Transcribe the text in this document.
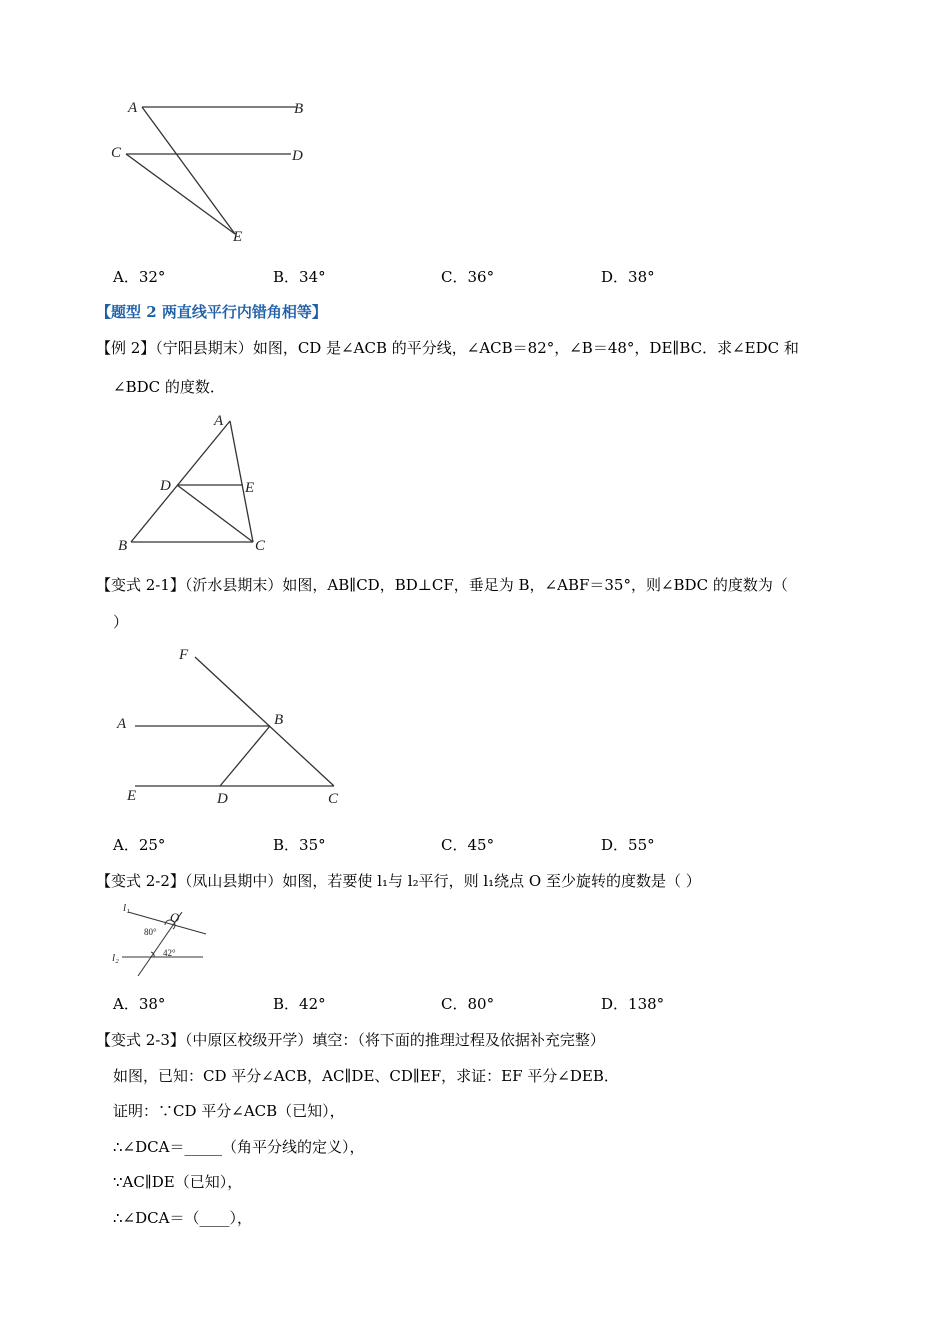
A	B
C	D
E
A．32°	B．34°	C．36°	D．38°
【题型 2 两直线平行内错角相等】
【例 2】（宁阳县期末）如图，CD 是∠ACB 的平分线，∠ACB＝82°，∠B＝48°，DE∥BC．求∠EDC 和
∠BDC 的度数．
A
D	E
B	C
【变式 2-1】（沂水县期末）如图，AB∥CD，BD⊥CF，垂足为 B，∠ABF＝35°，则∠BDC 的度数为（
）
F
A	B
E	D	C
A．25°	B．35°	C．45°	D．55°
【变式 2-2】（凤山县期中）如图，若要使 l₁与 l₂平行，则 l₁绕点 O 至少旋转的度数是（ ）
l₁
O
80°
l₂	42°
A．38°	B．42°	C．80°	D．138°
【变式 2-3】（中原区校级开学）填空：（将下面的推理过程及依据补充完整）
如图，已知：CD 平分∠ACB，AC∥DE、CD∥EF，求证：EF 平分∠DEB．
证明：∵CD 平分∠ACB（已知），
∴∠DCA＝_____（角平分线的定义），
∵AC∥DE（已知），
∴∠DCA＝（____），
